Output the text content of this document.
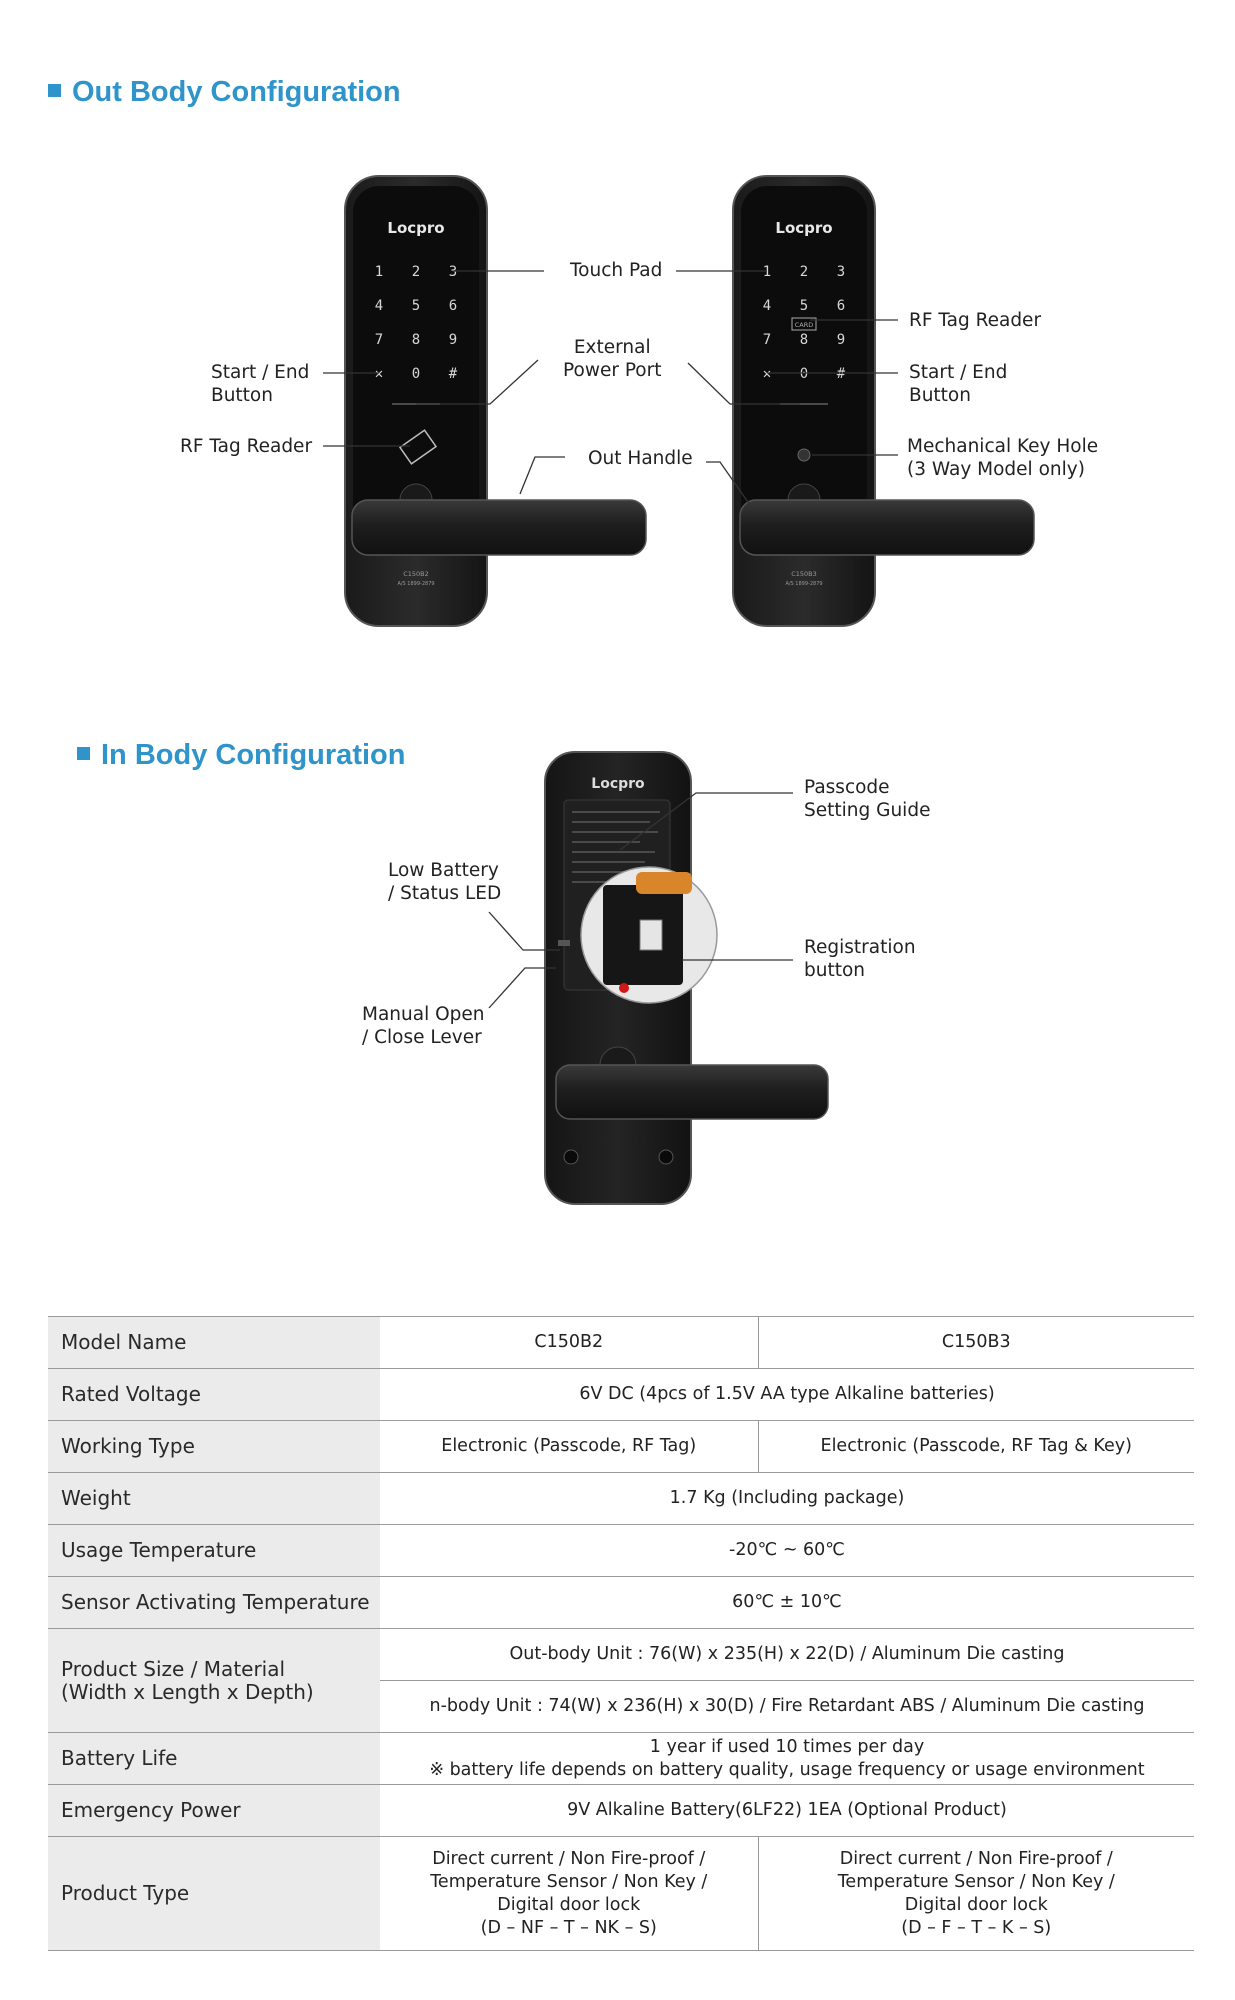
Out Body Configuration
Locpro
1 2 3
4 5 6
7 8 9
✕ 0 #
C150B2
A/S 1899-2879
Locpro
1 2 3
4 5 6
7 8 9
✕ 0 #
CARD
C150B3
A/S 1899-2879
Locpro
Touch Pad
External
Power Port
Out Handle
Start / End
Button
RF Tag Reader
RF Tag Reader
Start / End
Button
Mechanical Key Hole
(3 Way Model only)
In Body Configuration
Passcode
Setting Guide
Low Battery
/ Status LED
Registration
button
Manual Open
/ Close Lever
Model Name	C150B2	C150B3
Rated Voltage	6V DC (4pcs of 1.5V AA type Alkaline batteries)	
Working Type	Electronic (Passcode, RF Tag)	Electronic (Passcode, RF Tag & Key)
Weight	1.7 Kg (Including package)	
Usage Temperature	-20℃ ~ 60℃	
Sensor Activating Temperature	60℃ ± 10℃	
Product Size / Material
(Width x Length x Depth)	Out-body Unit : 76(W) x 235(H) x 22(D) / Aluminum Die casting	
	n-body Unit : 74(W) x 236(H) x 30(D) / Fire Retardant ABS / Aluminum Die casting	
Battery Life	1 year if used 10 times per day
※ battery life depends on battery quality, usage frequency or usage environment	
Emergency Power	9V Alkaline Battery(6LF22) 1EA (Optional Product)	
Product Type	Direct current / Non Fire-proof /
Temperature Sensor / Non Key /
Digital door lock
(D – NF – T – NK – S)	Direct current / Non Fire-proof /
Temperature Sensor / Non Key /
Digital door lock
(D – F – T – K – S)
